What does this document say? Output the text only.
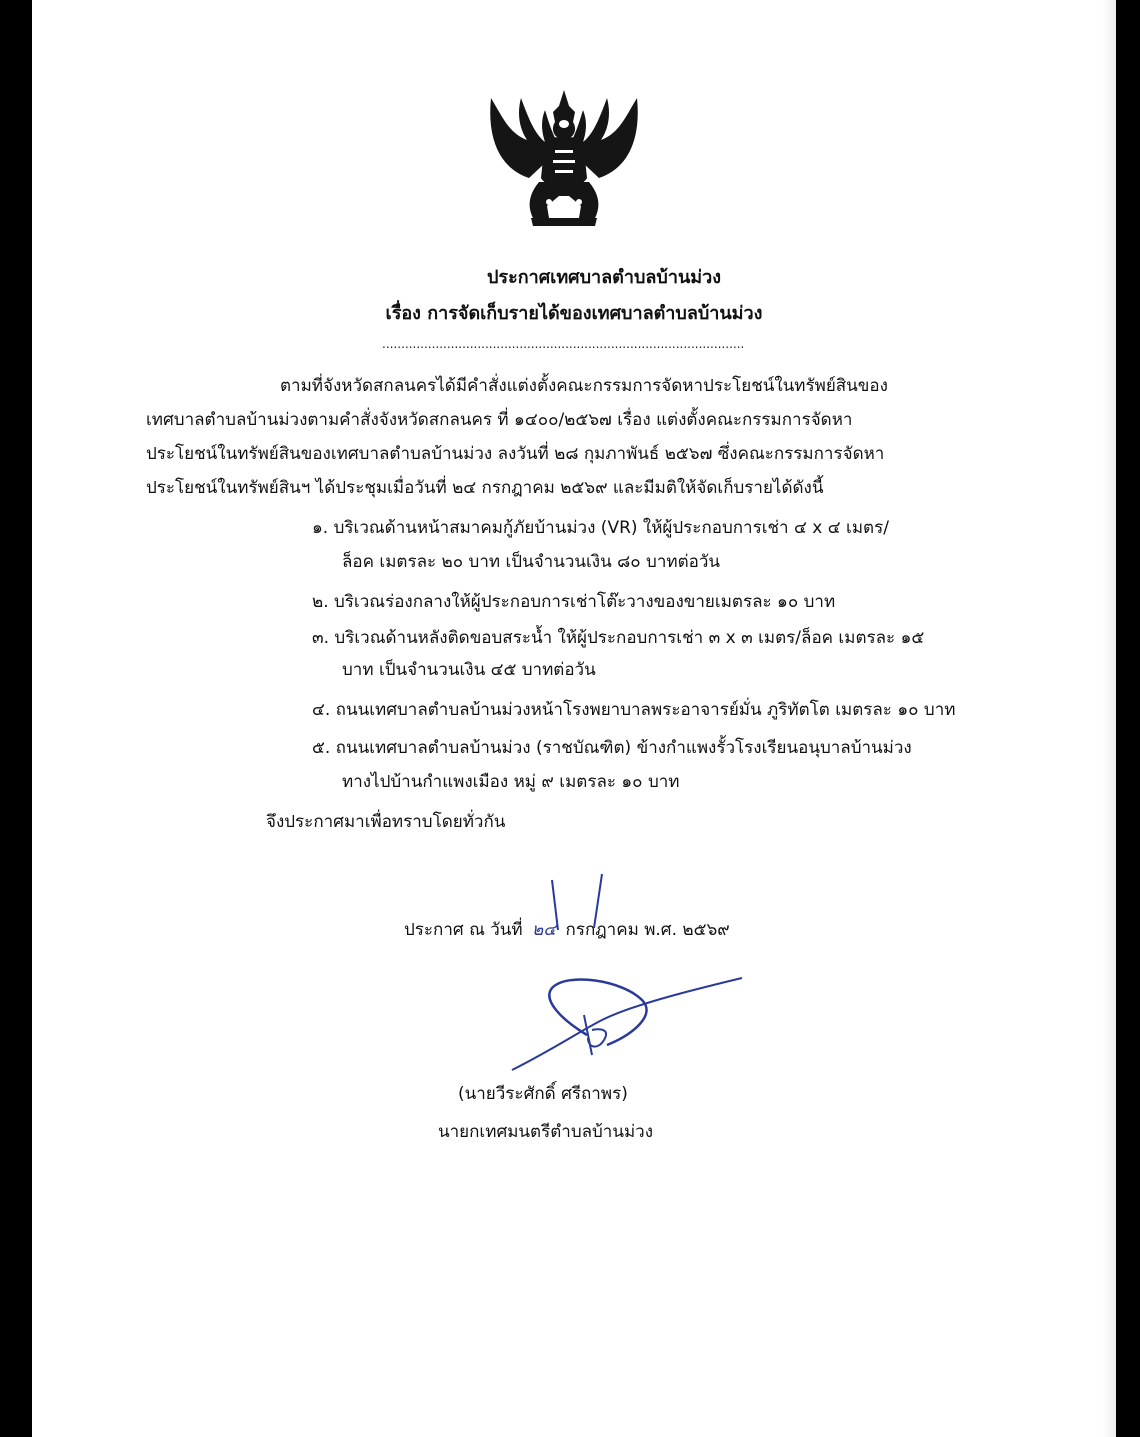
ประกาศเทศบาลตำบลบ้านม่วง
เรื่อง การจัดเก็บรายได้ของเทศบาลตำบลบ้านม่วง
...............................................................................................
ตามที่จังหวัดสกลนครได้มีคำสั่งแต่งตั้งคณะกรรมการจัดหาประโยชน์ในทรัพย์สินของ
เทศบาลตำบลบ้านม่วงตามคำสั่งจังหวัดสกลนคร ที่ ๑๔๐๐/๒๕๖๗ เรื่อง แต่งตั้งคณะกรรมการจัดหา
ประโยชน์ในทรัพย์สินของเทศบาลตำบลบ้านม่วง ลงวันที่ ๒๘ กุมภาพันธ์ ๒๕๖๗ ซึ่งคณะกรรมการจัดหา
ประโยชน์ในทรัพย์สินฯ ได้ประชุมเมื่อวันที่ ๒๔ กรกฎาคม ๒๕๖๙ และมีมติให้จัดเก็บรายได้ดังนี้
๑. บริเวณด้านหน้าสมาคมกู้ภัยบ้านม่วง (VR) ให้ผู้ประกอบการเช่า ๔ x ๔ เมตร/
ล็อค เมตรละ ๒๐ บาท เป็นจำนวนเงิน ๘๐ บาทต่อวัน
๒. บริเวณร่องกลางให้ผู้ประกอบการเช่าโต๊ะวางของขายเมตรละ ๑๐ บาท
๓. บริเวณด้านหลังติดขอบสระน้ำ ให้ผู้ประกอบการเช่า ๓ x ๓ เมตร/ล็อค เมตรละ ๑๕
บาท เป็นจำนวนเงิน ๔๕ บาทต่อวัน
๔. ถนนเทศบาลตำบลบ้านม่วงหน้าโรงพยาบาลพระอาจารย์มั่น ภูริทัตโต เมตรละ ๑๐ บาท
๕. ถนนเทศบาลตำบลบ้านม่วง (ราชบัณฑิต) ข้างกำแพงรั้วโรงเรียนอนุบาลบ้านม่วง
ทางไปบ้านกำแพงเมือง หมู่ ๙ เมตรละ ๑๐ บาท
จึงประกาศมาเพื่อทราบโดยทั่วกัน
ประกาศ ณ วันที่ ๒๔ กรกฎาคม พ.ศ. ๒๕๖๙
(นายวีระศักดิ์ ศรีถาพร)
นายกเทศมนตรีตำบลบ้านม่วง
